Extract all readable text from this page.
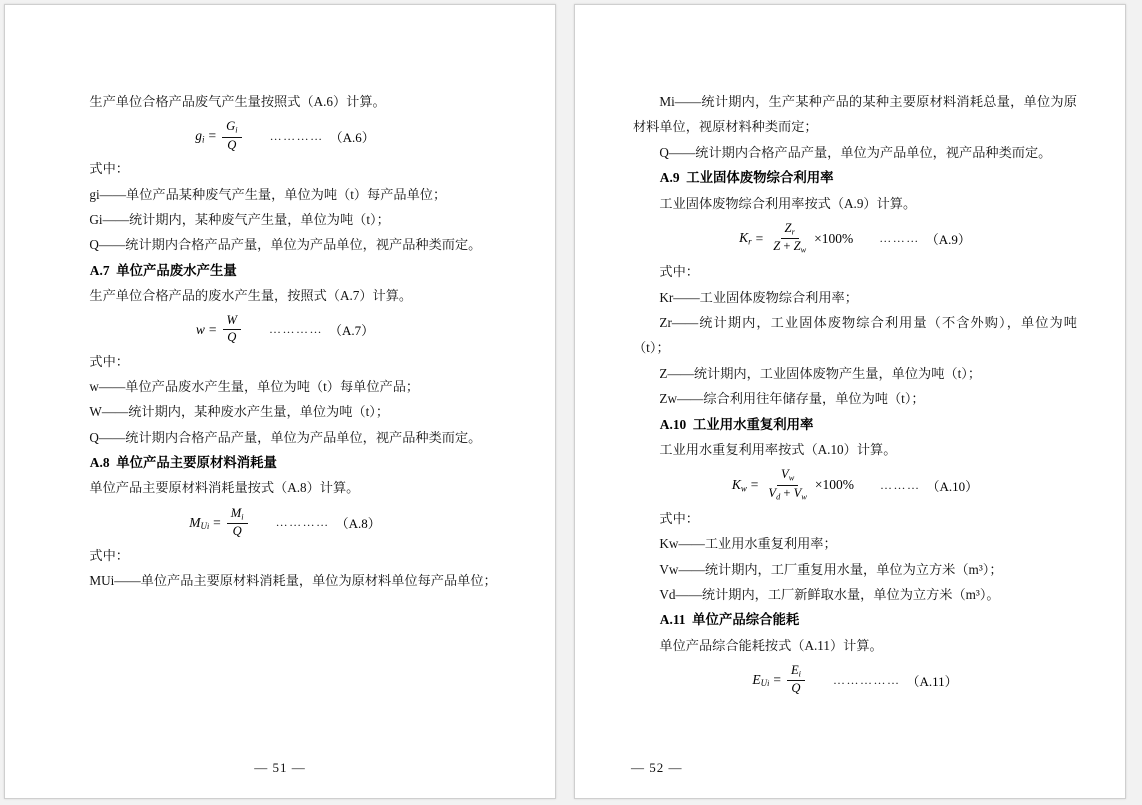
生产单位合格产品废气产生量按照式（A.6）计算。

$g_i = \frac{G_i}{Q}$ ………… （A.6）

式中：

gi——单位产品某种废气产生量，单位为吨（t）每产品单位；

Gi——统计期内，某种废气产生量，单位为吨（t）；

Q——统计期内合格产品产量，单位为产品单位，视产品种类而定。

A.7 单位产品废水产生量

生产单位合格产品的废水产生量，按照式（A.7）计算。

$w = \frac{W}{Q}$ ………… （A.7）

式中：

w——单位产品废水产生量，单位为吨（t）每单位产品；

W——统计期内，某种废水产生量，单位为吨（t）；

Q——统计期内合格产品产量，单位为产品单位，视产品种类而定。

A.8 单位产品主要原材料消耗量

单位产品主要原材料消耗量按式（A.8）计算。

$M_{Ui} = \frac{M_i}{Q}$ ………… （A.8）

式中：

MUi——单位产品主要原材料消耗量，单位为原材料单位每产品单位；

— 51 —

Mi——统计期内，生产某种产品的某种主要原材料消耗总量，单位为原材料单位，视原材料种类而定；

Q——统计期内合格产品产量，单位为产品单位，视产品种类而定。

A.9 工业固体废物综合利用率

工业固体废物综合利用率按式（A.9）计算。

$K_r = \frac{Z_r}{Z + Z_w} \times 100\%$ ……… （A.9）

式中：

Kr——工业固体废物综合利用率；

Zr——统计期内，工业固体废物综合利用量（不含外购），单位为吨（t）；

Z——统计期内，工业固体废物产生量，单位为吨（t）；

Zw——综合利用往年储存量，单位为吨（t）；

A.10 工业用水重复利用率

工业用水重复利用率按式（A.10）计算。

$K_w = \frac{V_w}{V_d + V_w} \times 100\%$ ……… （A.10）

式中：

Kw——工业用水重复利用率；

Vw——统计期内，工厂重复用水量，单位为立方米（m³）；

Vd——统计期内，工厂新鲜取水量，单位为立方米（m³）。

A.11 单位产品综合能耗

单位产品综合能耗按式（A.11）计算。

$E_{Ui} = \frac{E_i}{Q}$ …………… （A.11）
— 52 —
